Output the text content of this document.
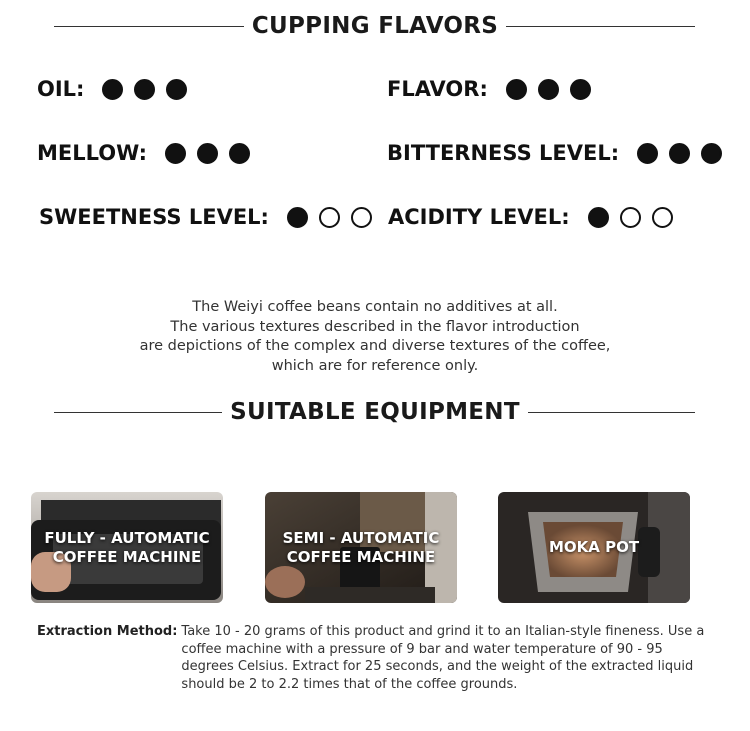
CUPPING FLAVORS
OIL:	FLAVOR:
MELLOW:	BITTERNESS LEVEL:
SWEETNESS LEVEL:	ACIDITY LEVEL:
The Weiyi coffee beans contain no additives at all.
The various textures described in the flavor introduction
are depictions of the complex and diverse textures of the coffee,
which are for reference only.
SUITABLE EQUIPMENT
FULLY - AUTOMATIC
COFFEE MACHINE
SEMI - AUTOMATIC
COFFEE MACHINE
MOKA POT
Extraction Method: Take 10 - 20 grams of this product and grind it to an Italian-style fineness. Use a coffee machine with a pressure of 9 bar and water temperature of 90 - 95 degrees Celsius. Extract for 25 seconds, and the weight of the extracted liquid should be 2 to 2.2 times that of the coffee grounds.
